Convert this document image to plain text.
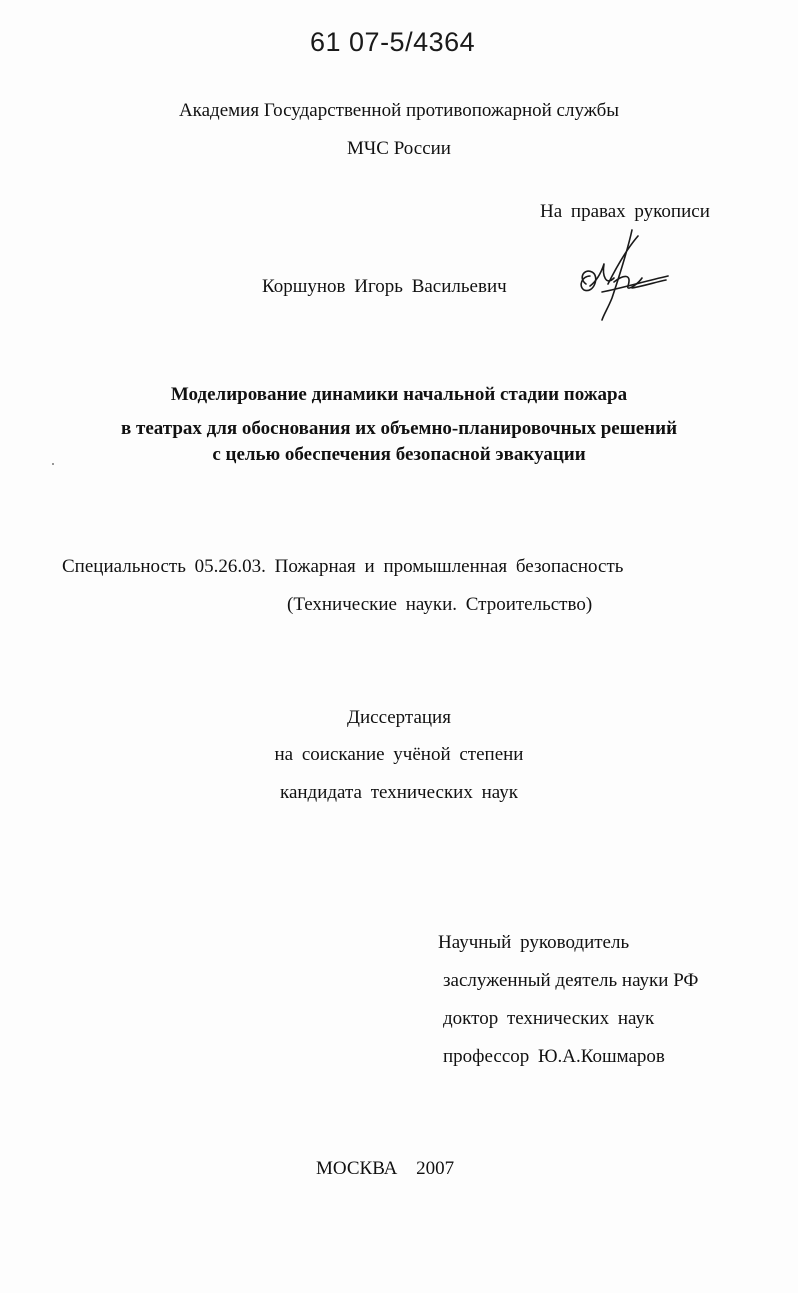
61 07-5/4364
Академия Государственной противопожарной службы
МЧС России
На правах рукописи
Коршунов Игорь Васильевич
Моделирование динамики начальной стадии пожара
в театрах для обоснования их объемно-планировочных решений
с целью обеспечения безопасной эвакуации
Специальность 05.26.03. Пожарная и промышленная безопасность
(Технические науки. Строительство)
Диссертация
на соискание учёной степени
кандидата технических наук
Научный руководитель
заслуженный деятель науки РФ
доктор технических наук
профессор Ю.А.Кошмаров
МОСКВА 2007
